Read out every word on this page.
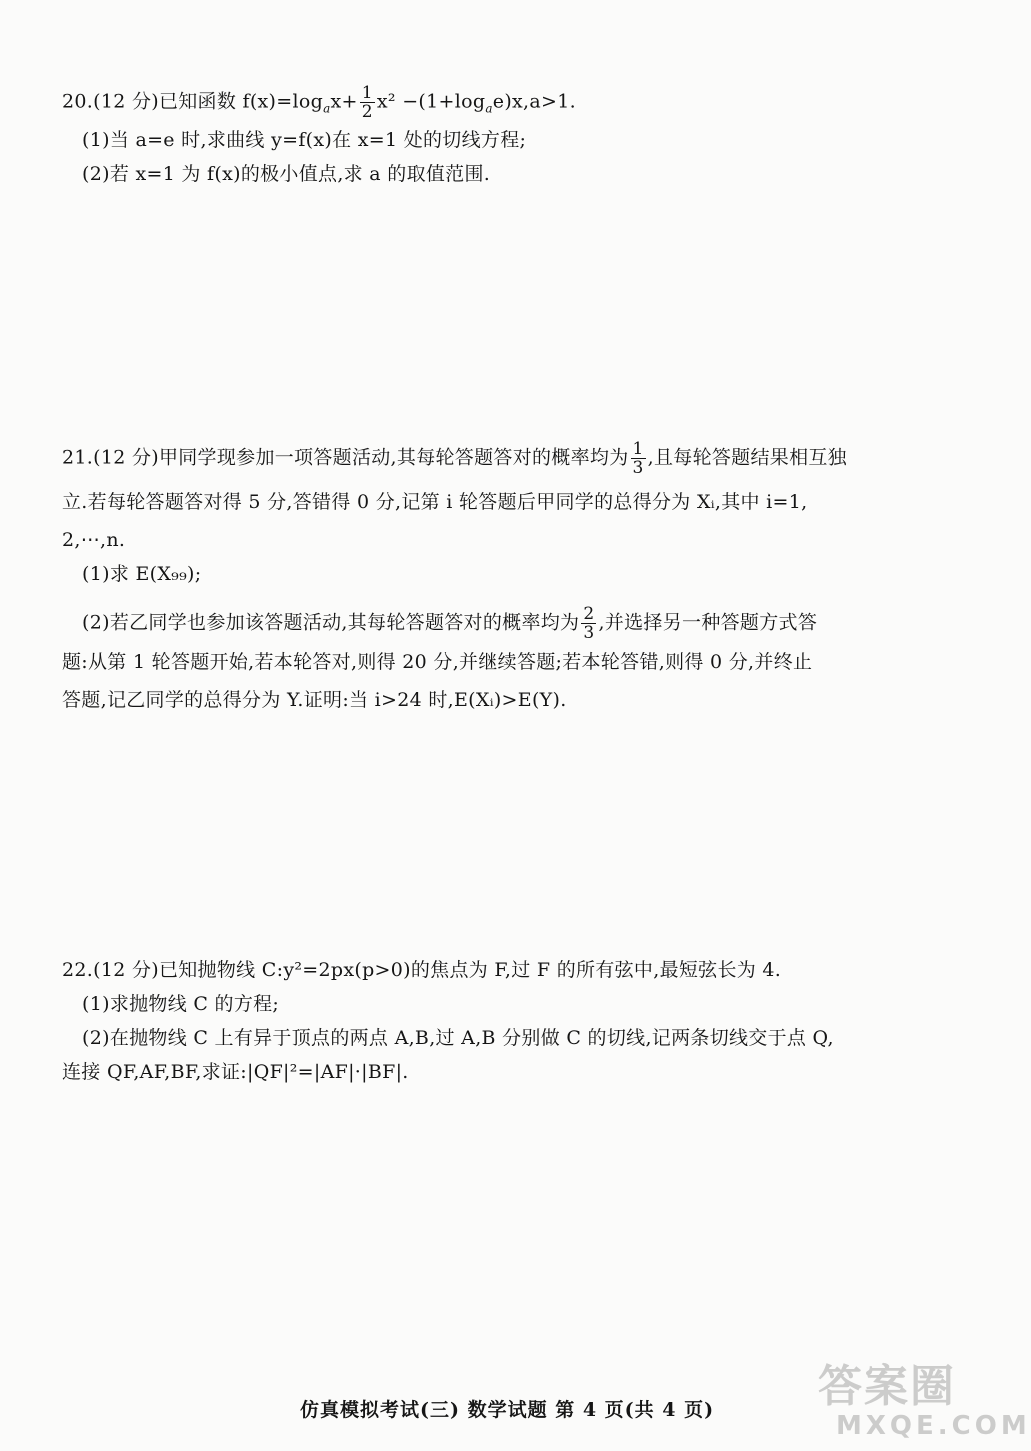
20.(12 分)已知函数 $f(x)=\log_ax+ \frac{1}{2} x^2 -(1+\log_ae)x,a>1$.
(1)当 a=e 时,求曲线 y=f(x)在 x=1 处的切线方程;
(2)若 x=1 为 f(x)的极小值点,求 a 的取值范围.
21.(12 分)甲同学现参加一项答题活动,其每轮答题答对的概率均为 $\frac{1}{3}$ ,且每轮答题结果相互独
立.若每轮答题答对得 5 分,答错得 0 分,记第 i 轮答题后甲同学的总得分为 Xᵢ,其中 i=1,
2,⋯,n.
(1)求 E(X₉₉);
(2)若乙同学也参加该答题活动,其每轮答题答对的概率均为 $\frac{2}{3}$ ,并选择另一种答题方式答
题:从第 1 轮答题开始,若本轮答对,则得 20 分,并继续答题;若本轮答错,则得 0 分,并终止
答题,记乙同学的总得分为 Y.证明:当 i>24 时,E(Xᵢ)>E(Y).
22.(12 分)已知抛物线 C:y²=2px(p>0)的焦点为 F,过 F 的所有弦中,最短弦长为 4.
(1)求抛物线 C 的方程;
(2)在抛物线 C 上有异于顶点的两点 A,B,过 A,B 分别做 C 的切线,记两条切线交于点 Q,
连接 QF,AF,BF,求证:|QF|²=|AF|·|BF|.
仿真模拟考试(三) 数学试题 第 4 页(共 4 页) 答案圈
MXQE.COM
